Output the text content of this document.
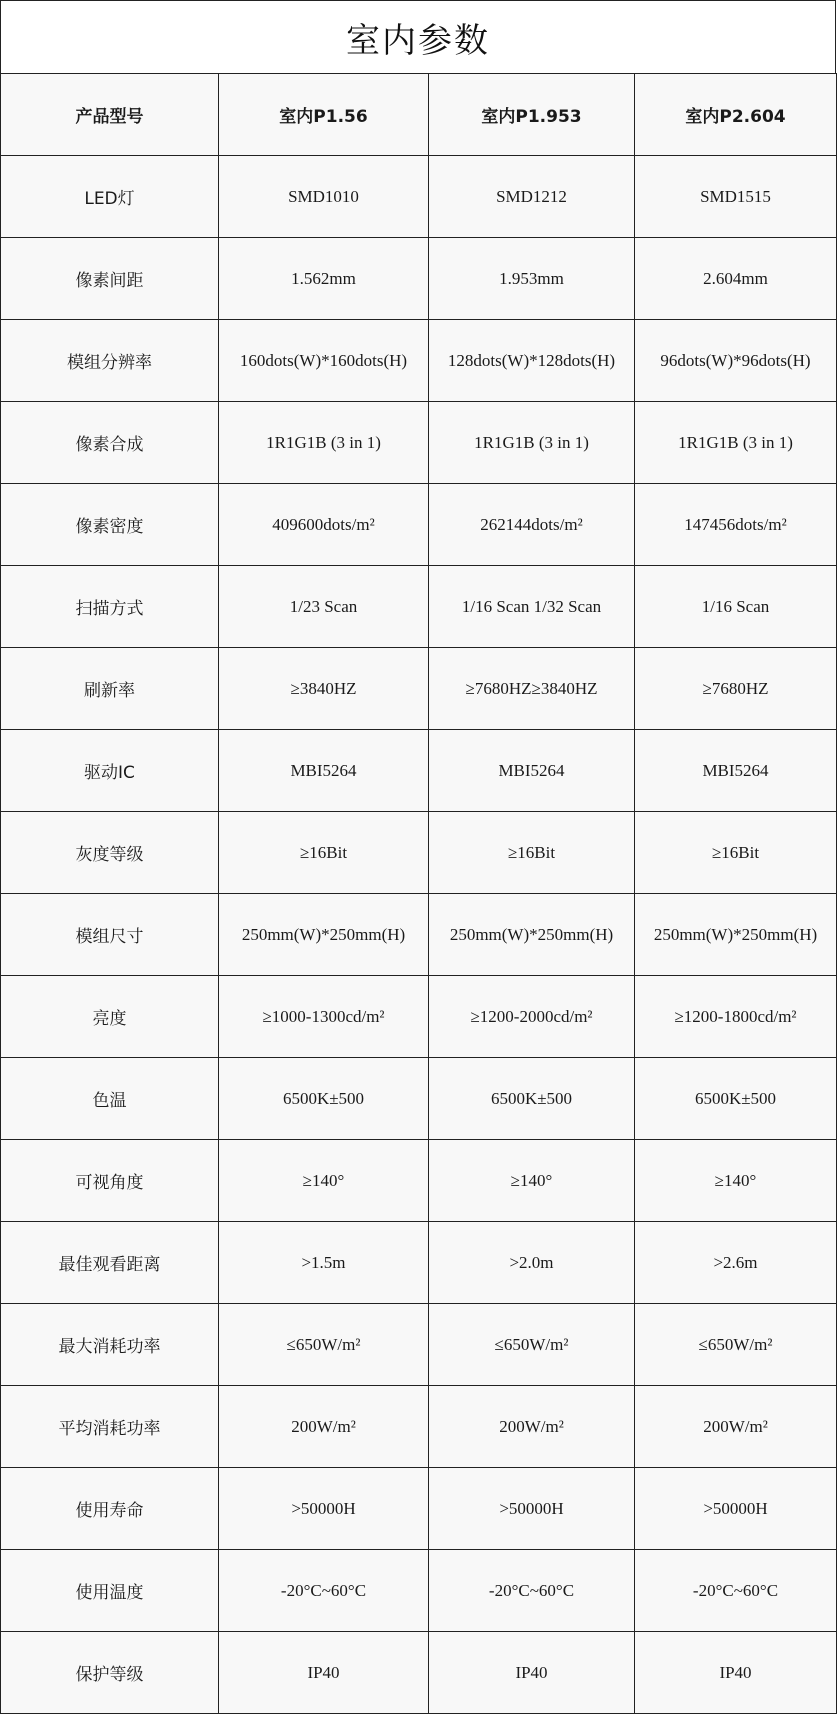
室内参数
产品型号	室内P1.56	室内P1.953	室内P2.604
LED灯	SMD1010	SMD1212	SMD1515
像素间距	1.562mm	1.953mm	2.604mm
模组分辨率	160dots(W)*160dots(H)	128dots(W)*128dots(H)	96dots(W)*96dots(H)
像素合成	1R1G1B (3 in 1)	1R1G1B (3 in 1)	1R1G1B (3 in 1)
像素密度	409600dots/m²	262144dots/m²	147456dots/m²
扫描方式	1/23 Scan	1/16 Scan 1/32 Scan	1/16 Scan
刷新率	≥3840HZ	≥7680HZ≥3840HZ	≥7680HZ
驱动IC	MBI5264	MBI5264	MBI5264
灰度等级	≥16Bit	≥16Bit	≥16Bit
模组尺寸	250mm(W)*250mm(H)	250mm(W)*250mm(H)	250mm(W)*250mm(H)
亮度	≥1000-1300cd/m²	≥1200-2000cd/m²	≥1200-1800cd/m²
色温	6500K±500	6500K±500	6500K±500
可视角度	≥140°	≥140°	≥140°
最佳观看距离	>1.5m	>2.0m	>2.6m
最大消耗功率	≤650W/m²	≤650W/m²	≤650W/m²
平均消耗功率	200W/m²	200W/m²	200W/m²
使用寿命	>50000H	>50000H	>50000H
使用温度	-20°C~60°C	-20°C~60°C	-20°C~60°C
保护等级	IP40	IP40	IP40
